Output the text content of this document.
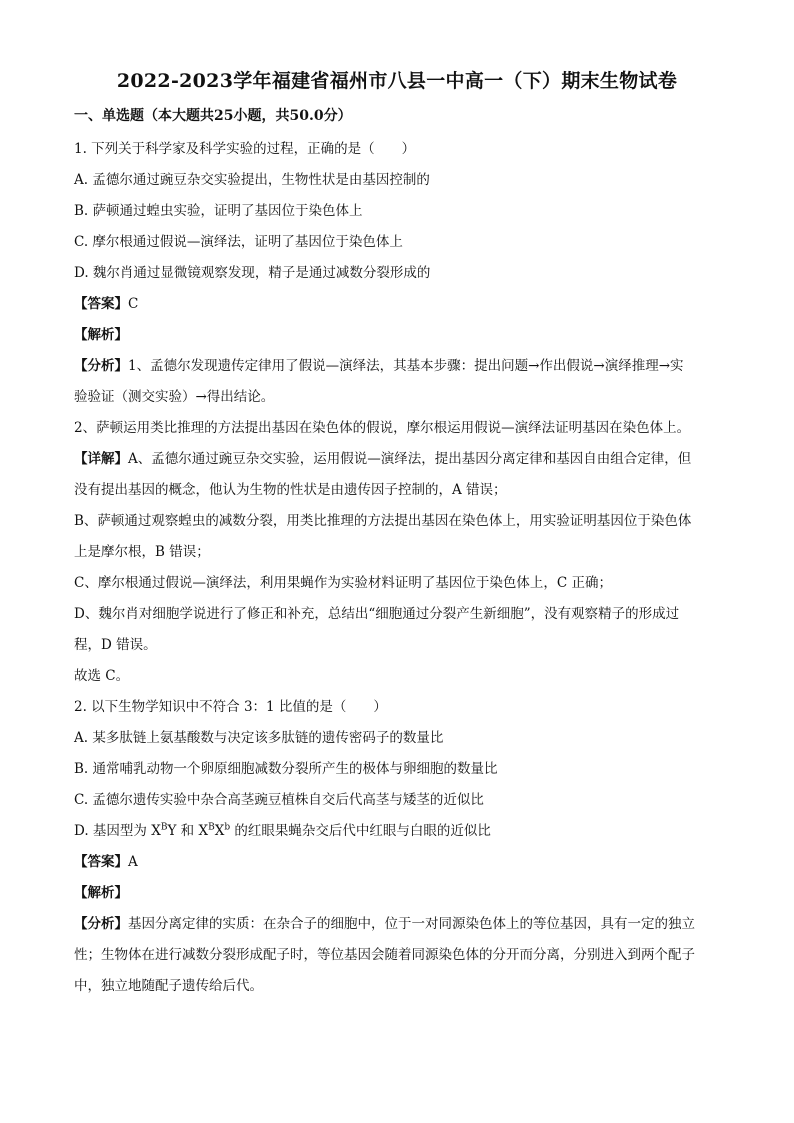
2022-2023学年福建省福州市八县一中高一（下）期末生物试卷
一、单选题（本大题共25小题，共50.0分）
1. 下列关于科学家及科学实验的过程，正确的是（　　）
A. 孟德尔通过豌豆杂交实验提出，生物性状是由基因控制的
B. 萨顿通过蝗虫实验，证明了基因位于染色体上
C. 摩尔根通过假说—演绎法，证明了基因位于染色体上
D. 魏尔肖通过显微镜观察发现，精子是通过减数分裂形成的
【答案】C
【解析】
【分析】1、孟德尔发现遗传定律用了假说—演绎法，其基本步骤：提出问题→作出假说→演绎推理→实
验验证（测交实验）→得出结论。
2、萨顿运用类比推理的方法提出基因在染色体的假说，摩尔根运用假说—演绎法证明基因在染色体上。
【详解】A、孟德尔通过豌豆杂交实验，运用假说—演绎法，提出基因分离定律和基因自由组合定律，但
没有提出基因的概念，他认为生物的性状是由遗传因子控制的，A 错误；
B、萨顿通过观察蝗虫的减数分裂，用类比推理的方法提出基因在染色体上，用实验证明基因位于染色体
上是摩尔根，B 错误；
C、摩尔根通过假说—演绎法，利用果蝇作为实验材料证明了基因位于染色体上，C 正确；
D、魏尔肖对细胞学说进行了修正和补充，总结出“细胞通过分裂产生新细胞”，没有观察精子的形成过
程，D 错误。
故选 C。
2. 以下生物学知识中不符合 3：1 比值的是（　　）
A. 某多肽链上氨基酸数与决定该多肽链的遗传密码子的数量比
B. 通常哺乳动物一个卵原细胞减数分裂所产生的极体与卵细胞的数量比
C. 孟德尔遗传实验中杂合高茎豌豆植株自交后代高茎与矮茎的近似比
D. 基因型为 $X^BY$ 和 $X^BX^b$ 的红眼果蝇杂交后代中红眼与白眼的近似比
【答案】A
【解析】
【分析】基因分离定律的实质：在杂合子的细胞中，位于一对同源染色体上的等位基因，具有一定的独立
性；生物体在进行减数分裂形成配子时，等位基因会随着同源染色体的分开而分离，分别进入到两个配子
中，独立地随配子遗传给后代。
